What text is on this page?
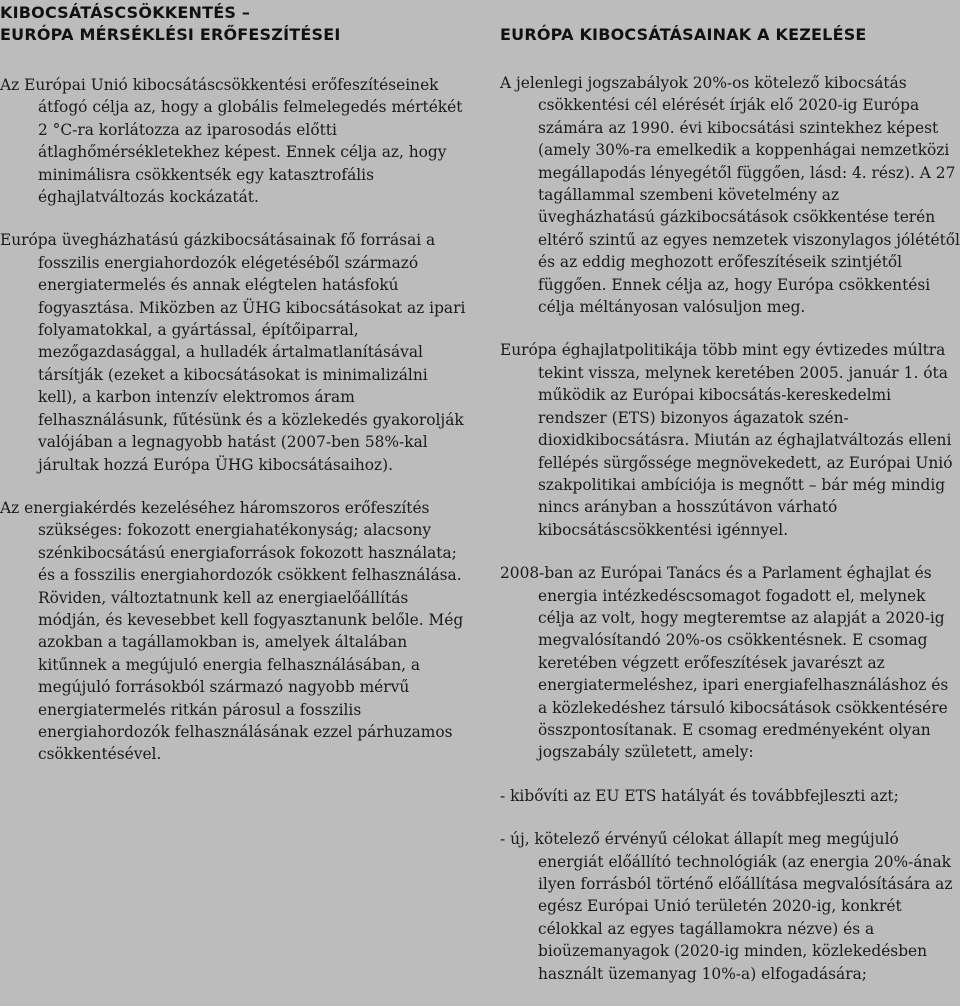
KIBOCSÁTÁSCSÖKKENTÉS –
EURÓPA MÉRSÉKLÉSI ERŐFESZÍTÉSEI

Az Európai Unió kibocsátáscsökkentési erőfeszítéseinek átfogó célja az, hogy a globális felmelegedés mértékét 2 °C-ra korlátozza az iparosodás előtti átlaghőmérsékletekhez képest. Ennek célja az, hogy minimálisra csökkentsék egy katasztrofális éghajlatváltozás kockázatát.

Európa üvegházhatású gázkibocsátásainak fő forrásai a fosszilis energiahordozók elégetéséből származó energiatermelés és annak elégtelen hatásfokú fogyasztása. Miközben az ÜHG kibocsátásokat az ipari folyamatokkal, a gyártással, építőiparral, mezőgazdasággal, a hulladék ártalmatlanításával társítják (ezeket a kibocsátásokat is minimalizálni kell), a karbon intenzív elektromos áram felhasználásunk, fűtésünk és a közlekedés gyakorolják valójában a legnagyobb hatást (2007-ben 58%-kal járultak hozzá Európa ÜHG kibocsátásaihoz).

Az energiakérdés kezeléséhez háromszoros erőfeszítés szükséges: fokozott energiahatékonyság; alacsony szénkibocsátású energiaforrások fokozott használata; és a fosszilis energiahordozók csökkent felhasználása. Röviden, változtatnunk kell az energiaelőállítás módján, és kevesebbet kell fogyasztanunk belőle. Még azokban a tagállamokban is, amelyek általában kitűnnek a megújuló energia felhasználásában, a megújuló forrásokból származó nagyobb mérvű energiatermelés ritkán párosul a fosszilis energiahordozók felhasználásának ezzel párhuzamos csökkentésével.

EURÓPA KIBOCSÁTÁSAINAK A KEZELÉSE

A jelenlegi jogszabályok 20%-os kötelező kibocsátás csökkentési cél elérését írják elő 2020-ig Európa számára az 1990. évi kibocsátási szintekhez képest (amely 30%-ra emelkedik a koppenhágai nemzetközi megállapodás lényegétől függően, lásd: 4. rész). A 27 tagállammal szembeni követelmény az üvegházhatású gázkibocsátások csökkentése terén eltérő szintű az egyes nemzetek viszonylagos jólététől és az eddig meghozott erőfeszítéseik szintjétől függően. Ennek célja az, hogy Európa csökkentési célja méltányosan valósuljon meg.

Európa éghajlatpolitikája több mint egy évtizedes múltra tekint vissza, melynek keretében 2005. január 1. óta működik az Európai kibocsátás-kereskedelmi rendszer (ETS) bizonyos ágazatok szén-dioxidkibocsátásra. Miután az éghajlatváltozás elleni fellépés sürgőssége megnövekedett, az Európai Unió szakpolitikai ambíciója is megnőtt – bár még mindig nincs arányban a hosszútávon várható kibocsátáscsökkentési igénnyel.

2008-ban az Európai Tanács és a Parlament éghajlat és energia intézkedéscsomagot fogadott el, melynek célja az volt, hogy megteremtse az alapját a 2020-ig megvalósítandó 20%-os csökkentésnek. E csomag keretében végzett erőfeszítések javarészt az energiatermeléshez, ipari energiafelhasználáshoz és a közlekedéshez társuló kibocsátások csökkentésére összpontosítanak. E csomag eredményeként olyan jogszabály született, amely:

- kibővíti az EU ETS hatályát és továbbfejleszti azt;

- új, kötelező érvényű célokat állapít meg megújuló energiát előállító technológiák (az energia 20%-ának ilyen forrásból történő előállítása megvalósítására az egész Európai Unió területén 2020-ig, konkrét célokkal az egyes tagállamokra nézve) és a bioüzemanyagok (2020-ig minden, közlekedésben használt üzemanyag 10%-a) elfogadására;
